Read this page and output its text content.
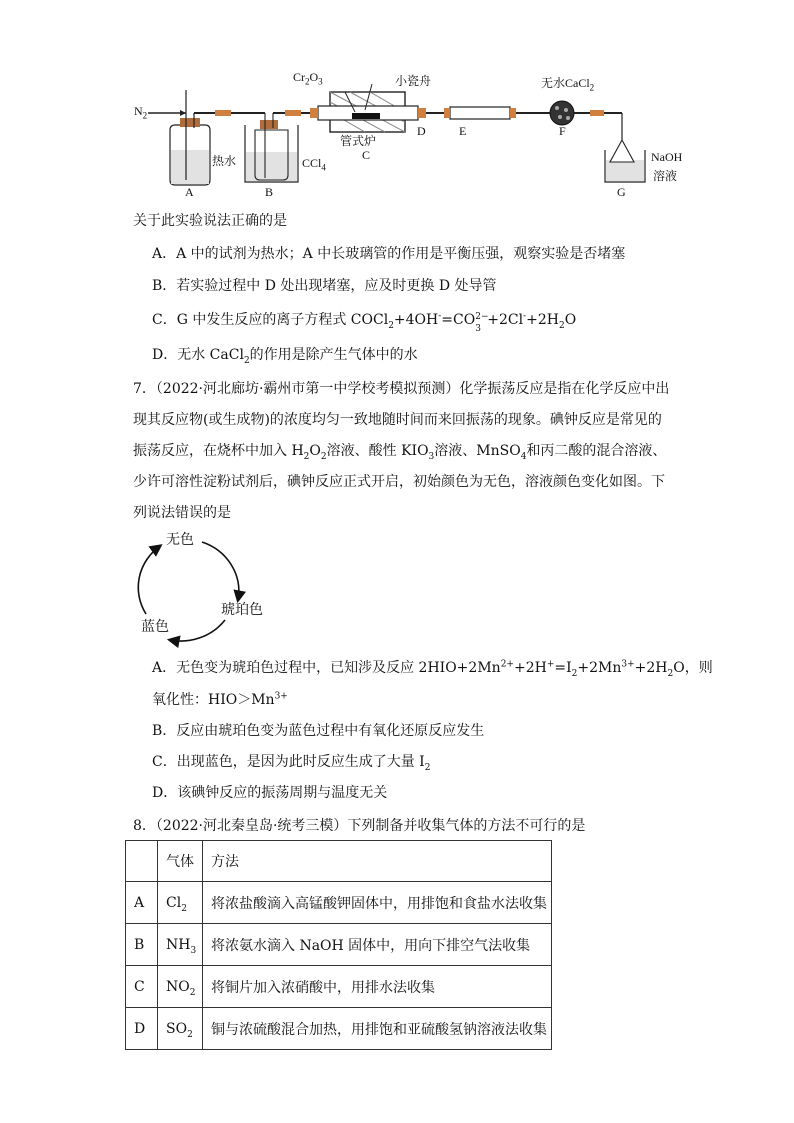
$N_2$
$Cr_2O_3$	小瓷舟	无水CaCl$_2$
热水	CCl$_4$
管式炉
NaOH
溶液
A	B
C
D	E	F
G
关于此实验说法正确的是
A．A 中的试剂为热水；A 中长玻璃管的作用是平衡压强，观察实验是否堵塞
B．若实验过程中 D 处出现堵塞，应及时更换 D 处导管
C．G 中发生反应的离子方程式 COCl$_2$+4OH-=CO 2−
3
$+2Cl^-+2H_2O$
D．无水 CaCl$_2$的作用是除产生气体中的水
7．（2022·河北廊坊·霸州市第一中学校考模拟预测）化学振荡反应是指在化学反应中出
现其反应物(或生成物)的浓度均匀一致地随时间而来回振荡的现象。碘钟反应是常见的
振荡反应，在烧杯中加入 $H_2O_2$溶液、酸性 $KIO_3$溶液、MnSO$_4$和丙二酸的混合溶液、
少许可溶性淀粉试剂后，碘钟反应正式开启，初始颜色为无色，溶液颜色变化如图。下
列说法错误的是
无色
琥珀色
蓝色
A．无色变为琥珀色过程中，已知涉及反应 $2HIO+2Mn^{2+}+2H^+=I_2+2Mn^{3+}+2H_2O$，则
氧化性：$HIO>Mn^{3+}$
B．反应由琥珀色变为蓝色过程中有氧化还原反应发生
C．出现蓝色，是因为此时反应生成了大量 $I_2$
D．该碘钟反应的振荡周期与温度无关
8．（2022·河北秦皇岛·统考三模）下列制备并收集气体的方法不可行的是
	气体	方法
A	$Cl_2$	将浓盐酸滴入高锰酸钾固体中，用排饱和食盐水法收集
B	$NH_3$	将浓氨水滴入 NaOH 固体中，用向下排空气法收集
C	$NO_2$	将铜片加入浓硝酸中，用排水法收集
D	$SO_2$	铜与浓硫酸混合加热，用排饱和亚硫酸氢钠溶液法收集
